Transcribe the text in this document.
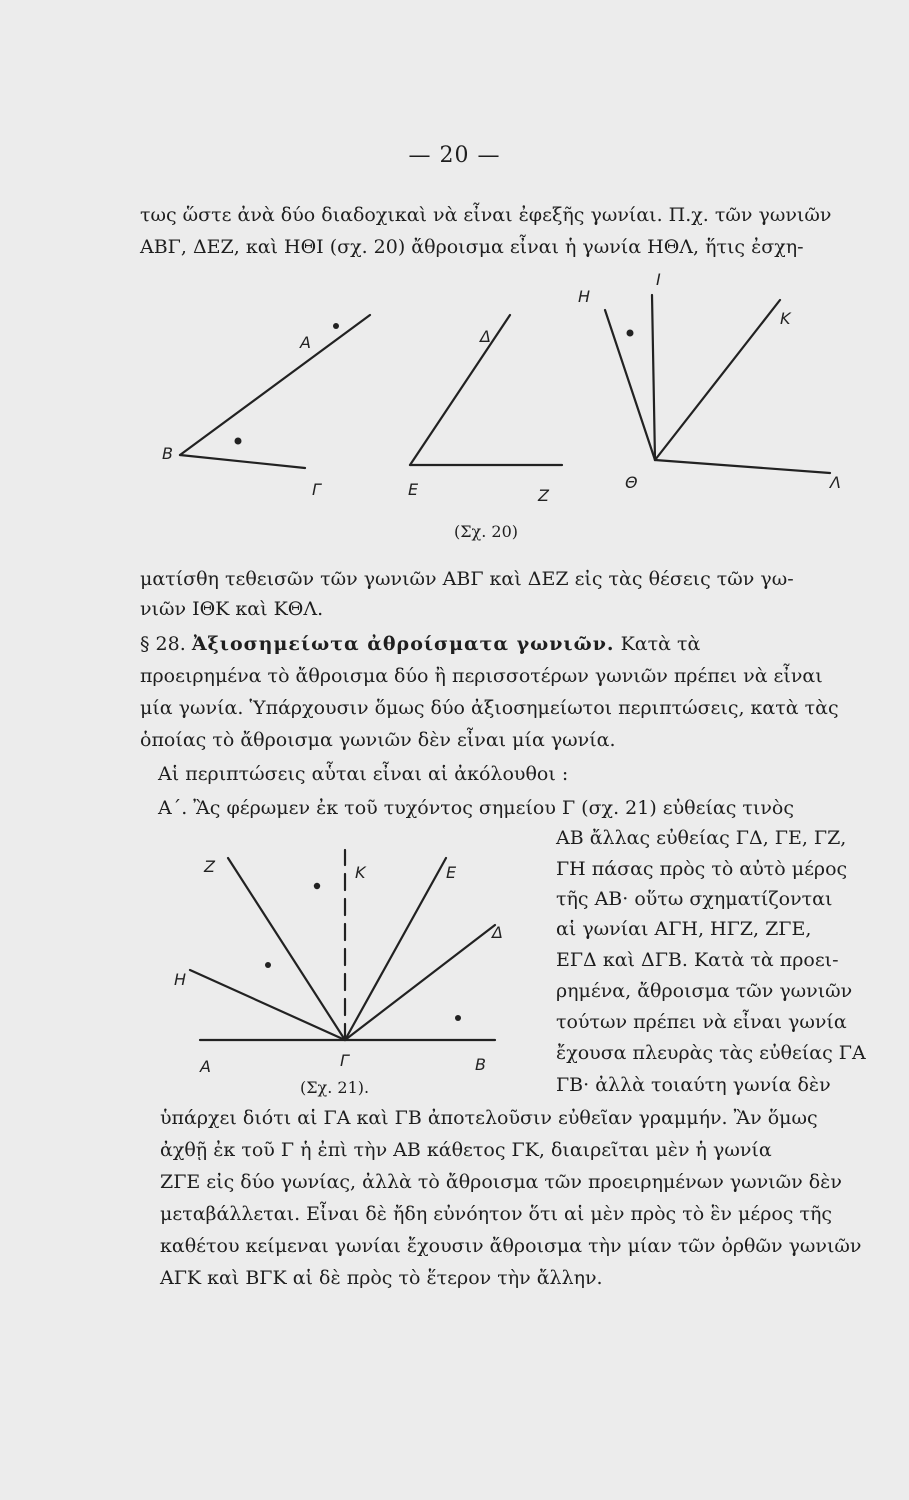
— 20 —
τως ὥστε ἀνὰ δύο διαδοχικαὶ νὰ εἶναι ἐφεξῆς γωνίαι. Π.χ. τῶν γωνιῶν
ΑΒΓ, ΔΕΖ, καὶ ΗΘΙ (σχ. 20) ἄθροισμα εἶναι ἡ γωνία ΗΘΛ, ἥτις ἐσχη-
A
B
Γ
Δ
E	Z
H
I
K
Θ	Λ
(Σχ. 20)
ματίσθη τεθεισῶν τῶν γωνιῶν ΑΒΓ καὶ ΔΕΖ εἰς τὰς θέσεις τῶν γω-
νιῶν ΙΘΚ καὶ ΚΘΛ.
§ 28. Ἀξιοσημείωτα ἀθροίσματα γωνιῶν. Κατὰ τὰ
προειρημένα τὸ ἄθροισμα δύο ἢ περισσοτέρων γωνιῶν πρέπει νὰ εἶναι
μία γωνία. Ὑπάρχουσιν ὅμως δύο ἀξιοσημείωτοι περιπτώσεις, κατὰ τὰς
ὁποίας τὸ ἄθροισμα γωνιῶν δὲν εἶναι μία γωνία.
Αἱ περιπτώσεις αὗται εἶναι αἱ ἀκόλουθοι :
Α΄. Ἂς φέρωμεν ἐκ τοῦ τυχόντος σημείου Γ (σχ. 21) εὐθείας τινὸς
Z	K	E
Δ
H
A	Γ	B
(Σχ. 21).
ΑΒ ἄλλας εὐθείας ΓΔ, ΓΕ, ΓΖ,
ΓΗ πάσας πρὸς τὸ αὐτὸ μέρος
τῆς ΑΒ· οὕτω σχηματίζονται
αἱ γωνίαι ΑΓΗ, ΗΓΖ, ΖΓΕ,
ΕΓΔ καὶ ΔΓΒ. Κατὰ τὰ προει-
ρημένα, ἄθροισμα τῶν γωνιῶν
τούτων πρέπει νὰ εἶναι γωνία
ἔχουσα πλευρὰς τὰς εὐθείας ΓΑ
ΓΒ· ἀλλὰ τοιαύτη γωνία δὲν
ὑπάρχει διότι αἱ ΓΑ καὶ ΓΒ ἀποτελοῦσιν εὐθεῖαν γραμμήν. Ἂν ὅμως
ἀχθῇ ἐκ τοῦ Γ ἡ ἐπὶ τὴν ΑΒ κάθετος ΓΚ, διαιρεῖται μὲν ἡ γωνία
ΖΓΕ εἰς δύο γωνίας, ἀλλὰ τὸ ἄθροισμα τῶν προειρημένων γωνιῶν δὲν
μεταβάλλεται. Εἶναι δὲ ἤδη εὐνόητον ὅτι αἱ μὲν πρὸς τὸ ἓν μέρος τῆς
καθέτου κείμεναι γωνίαι ἔχουσιν ἄθροισμα τὴν μίαν τῶν ὀρθῶν γωνιῶν
ΑΓΚ καὶ ΒΓΚ αἱ δὲ πρὸς τὸ ἕτερον τὴν ἄλλην.
